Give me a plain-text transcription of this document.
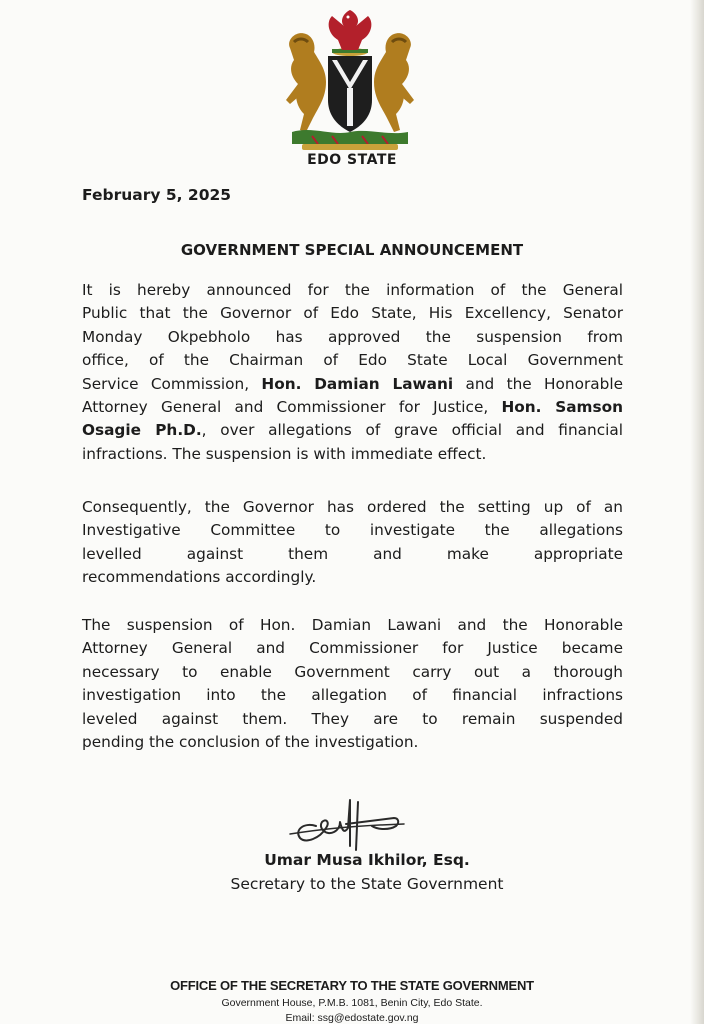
EDO STATE
February 5, 2025
GOVERNMENT SPECIAL ANNOUNCEMENT
It is hereby announced for the information of the General
Public that the Governor of Edo State, His Excellency, Senator
Monday Okpebholo has approved the suspension from
office, of the Chairman of Edo State Local Government
Service Commission, Hon. Damian Lawani and the Honorable
Attorney General and Commissioner for Justice, Hon. Samson
Osagie Ph.D., over allegations of grave official and financial
infractions. The suspension is with immediate effect.
Consequently, the Governor has ordered the setting up of an
Investigative Committee to investigate the allegations
levelled against them and make appropriate
recommendations accordingly.
The suspension of Hon. Damian Lawani and the Honorable
Attorney General and Commissioner for Justice became
necessary to enable Government carry out a thorough
investigation into the allegation of financial infractions
leveled against them. They are to remain suspended
pending the conclusion of the investigation.
Umar Musa Ikhilor, Esq.
Secretary to the State Government
OFFICE OF THE SECRETARY TO THE STATE GOVERNMENT
Government House, P.M.B. 1081, Benin City, Edo State.
Email: ssg@edostate.gov.ng
